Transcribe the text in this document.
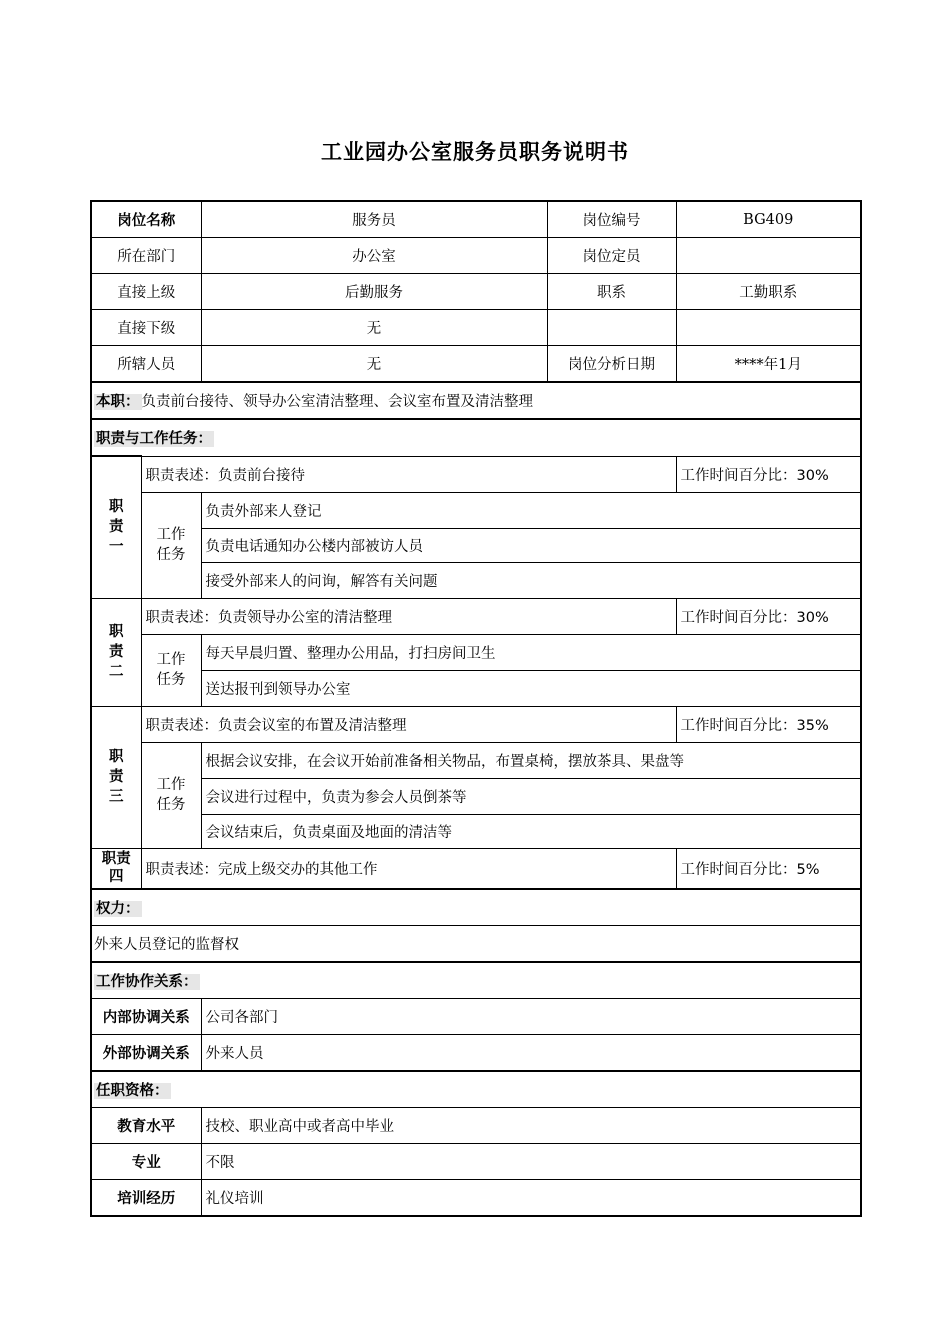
工业园办公室服务员职务说明书
岗位名称		服务员	岗位编号	BG409
所在部门		办公室	岗位定员	
直接上级		后勤服务	职系	工勤职系
直接下级		无		
所辖人员		无	岗位分析日期	****年1月
本职： 负责前台接待、领导办公室清洁整理、会议室布置及清洁整理				
职责与工作任务：				
职责一	职责表述：负责前台接待			工作时间百分比：30%
	工作任务	负责外部来人登记		
		负责电话通知办公楼内部被访人员		
		接受外部来人的问询，解答有关问题		
职责二	职责表述：负责领导办公室的清洁整理			工作时间百分比：30%
	工作任务	每天早晨归置、整理办公用品，打扫房间卫生		
		送达报刊到领导办公室		
职责三	职责表述：负责会议室的布置及清洁整理			工作时间百分比：35%
	工作任务	根据会议安排，在会议开始前准备相关物品，布置桌椅，摆放茶具、果盘等		
		会议进行过程中，负责为参会人员倒茶等		
		会议结束后，负责桌面及地面的清洁等		
职责四	职责表述：完成上级交办的其他工作			工作时间百分比：5%
权力：				
外来人员登记的监督权				
工作协作关系：				
内部协调关系		公司各部门		
外部协调关系		外来人员		
任职资格：				
教育水平		技校、职业高中或者高中毕业		
专业		不限		
培训经历		礼仪培训		
